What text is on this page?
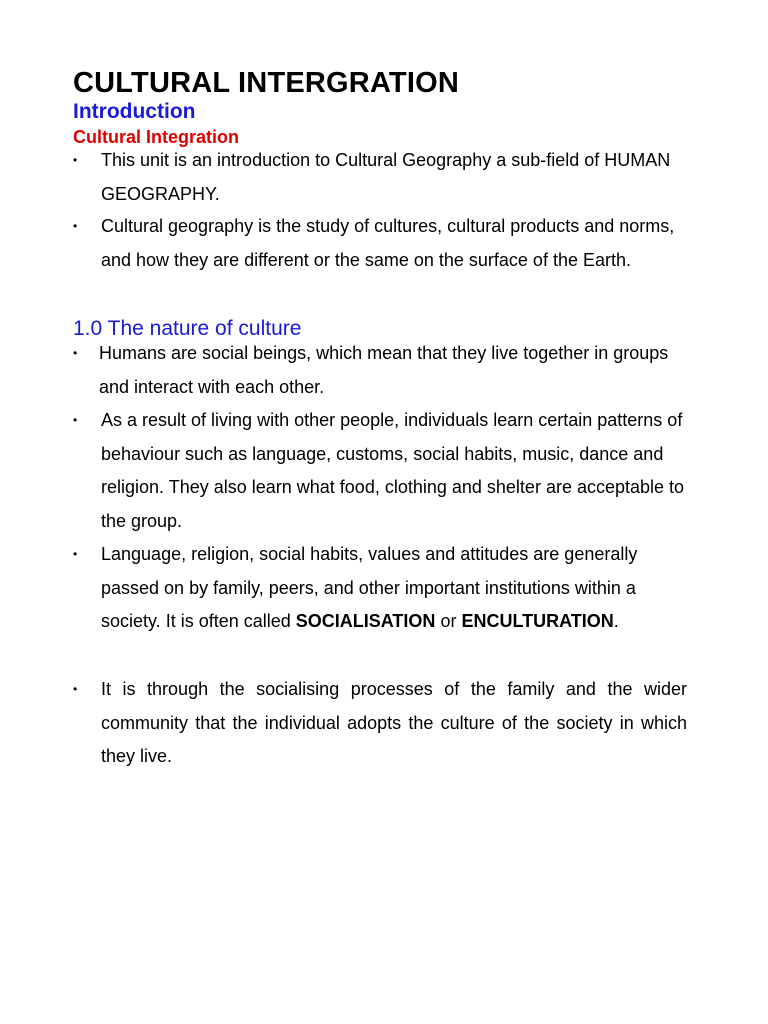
CULTURAL INTERGRATION
Introduction
Cultural Integration
•	This unit is an introduction to Cultural Geography a sub-field of HUMAN GEOGRAPHY.
•	Cultural geography is the study of cultures, cultural products and norms, and how they are different or the same on the surface of the Earth.
1.0 The nature of culture
•	Humans are social beings, which mean that they live together in groups and interact with each other.
•	As a result of living with other people, individuals learn certain patterns of behaviour such as language, customs, social habits, music, dance and religion. They also learn what food, clothing and shelter are acceptable to the group.
•	Language, religion, social habits, values and attitudes are generally passed on by family, peers, and other important institutions within a society. It is often called SOCIALISATION or ENCULTURATION.
•	It is through the socialising processes of the family and the wider community that the individual adopts the culture of the society in which they live.
